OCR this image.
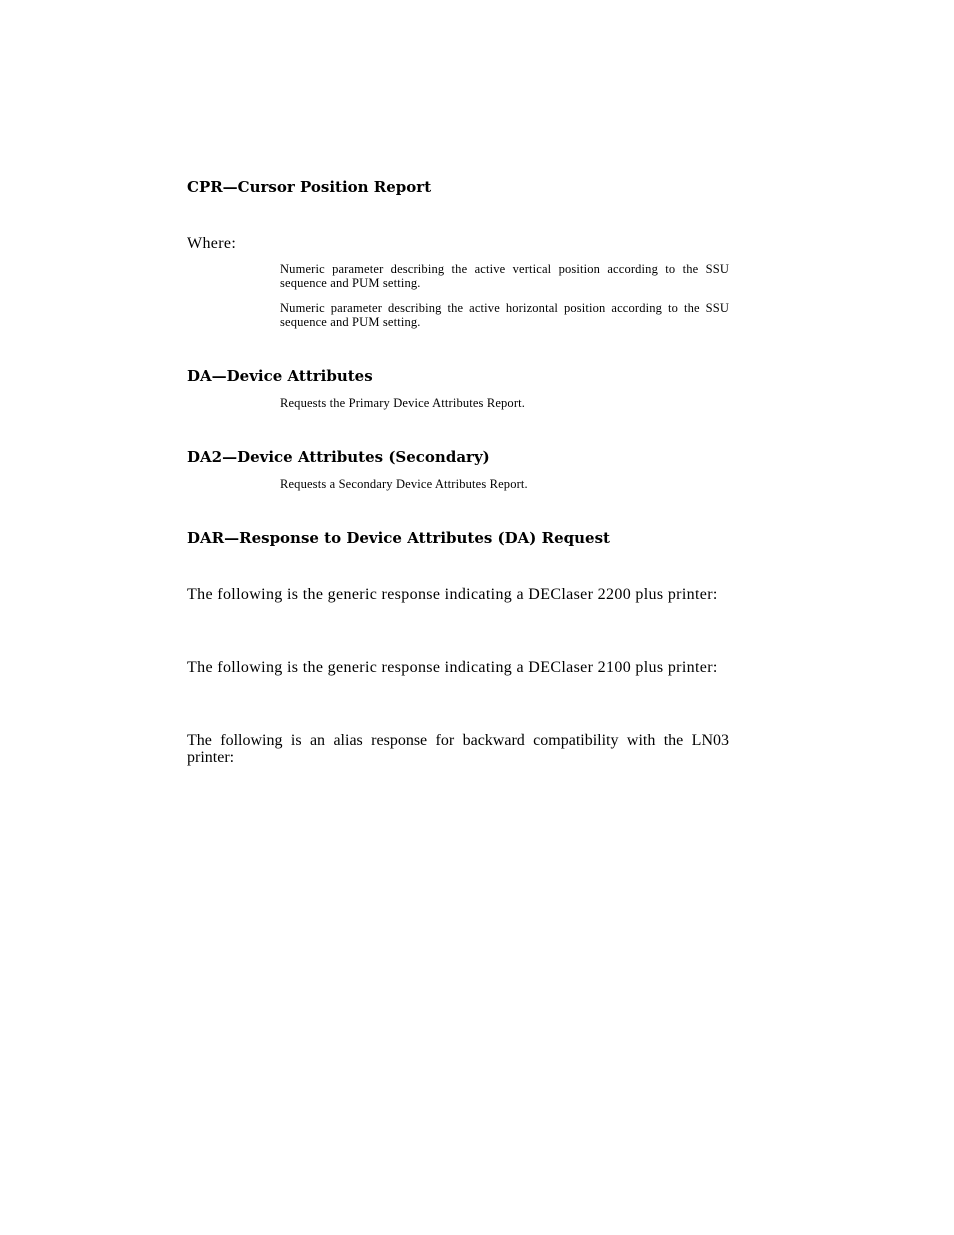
CPR—Cursor Position Report
Where:
Numeric parameter describing the active vertical position according to the SSU sequence and PUM setting.
Numeric parameter describing the active horizontal position according to the SSU sequence and PUM setting.
DA—Device Attributes
Requests the Primary Device Attributes Report.
DA2—Device Attributes (Secondary)
Requests a Secondary Device Attributes Report.
DAR—Response to Device Attributes (DA) Request
The following is the generic response indicating a DEClaser 2200 plus printer:
The following is the generic response indicating a DEClaser 2100 plus printer:
The following is an alias response for backward compatibility with the LN03 printer:
